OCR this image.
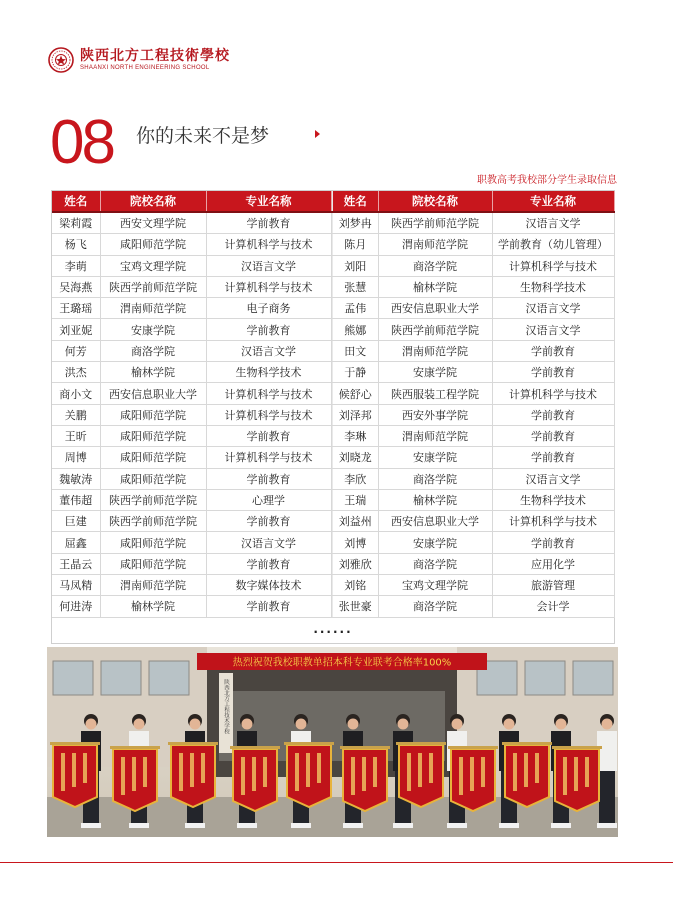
陕西北方工程技術學校
SHAANXI NORTH ENGINEERING SCHOOL
08 你的未来不是梦
职教高考我校部分学生录取信息
姓名	院校名称	专业名称		姓名	院校名称	专业名称
梁莉霞	西安文理学院	学前教育		刘梦冉	陕西学前师范学院	汉语言文学
杨飞	咸阳师范学院	计算机科学与技术		陈月	渭南师范学院	学前教育（幼儿管理）
李萌	宝鸡文理学院	汉语言文学		刘阳	商洛学院	计算机科学与技术
吴海燕	陕西学前师范学院	计算机科学与技术		张慧	榆林学院	生物科学技术
王璐瑶	渭南师范学院	电子商务		孟伟	西安信息职业大学	汉语言文学
刘亚妮	安康学院	学前教育		熊娜	陕西学前师范学院	汉语言文学
何芳	商洛学院	汉语言文学		田文	渭南师范学院	学前教育
洪杰	榆林学院	生物科学技术		于静	安康学院	学前教育
商小文	西安信息职业大学	计算机科学与技术		候舒心	陕西服装工程学院	计算机科学与技术
关鹏	咸阳师范学院	计算机科学与技术		刘泽邦	西安外事学院	学前教育
王昕	咸阳师范学院	学前教育		李琳	渭南师范学院	学前教育
周博	咸阳师范学院	计算机科学与技术		刘晓龙	安康学院	学前教育
魏敏涛	咸阳师范学院	学前教育		李欣	商洛学院	汉语言文学
董伟超	陕西学前师范学院	心理学		王瑞	榆林学院	生物科学技术
巨建	陕西学前师范学院	学前教育		刘益州	西安信息职业大学	计算机科学与技术
屈鑫	咸阳师范学院	汉语言文学		刘博	安康学院	学前教育
王晶云	咸阳师范学院	学前教育		刘雅欣	商洛学院	应用化学
马凤精	渭南师范学院	数字媒体技术		刘铭	宝鸡文理学院	旅游管理
何进涛	榆林学院	学前教育		张世豪	商洛学院	会计学
······
热烈祝贺我校职教单招本科专业联考合格率100%
陕西北方工程技术学校
